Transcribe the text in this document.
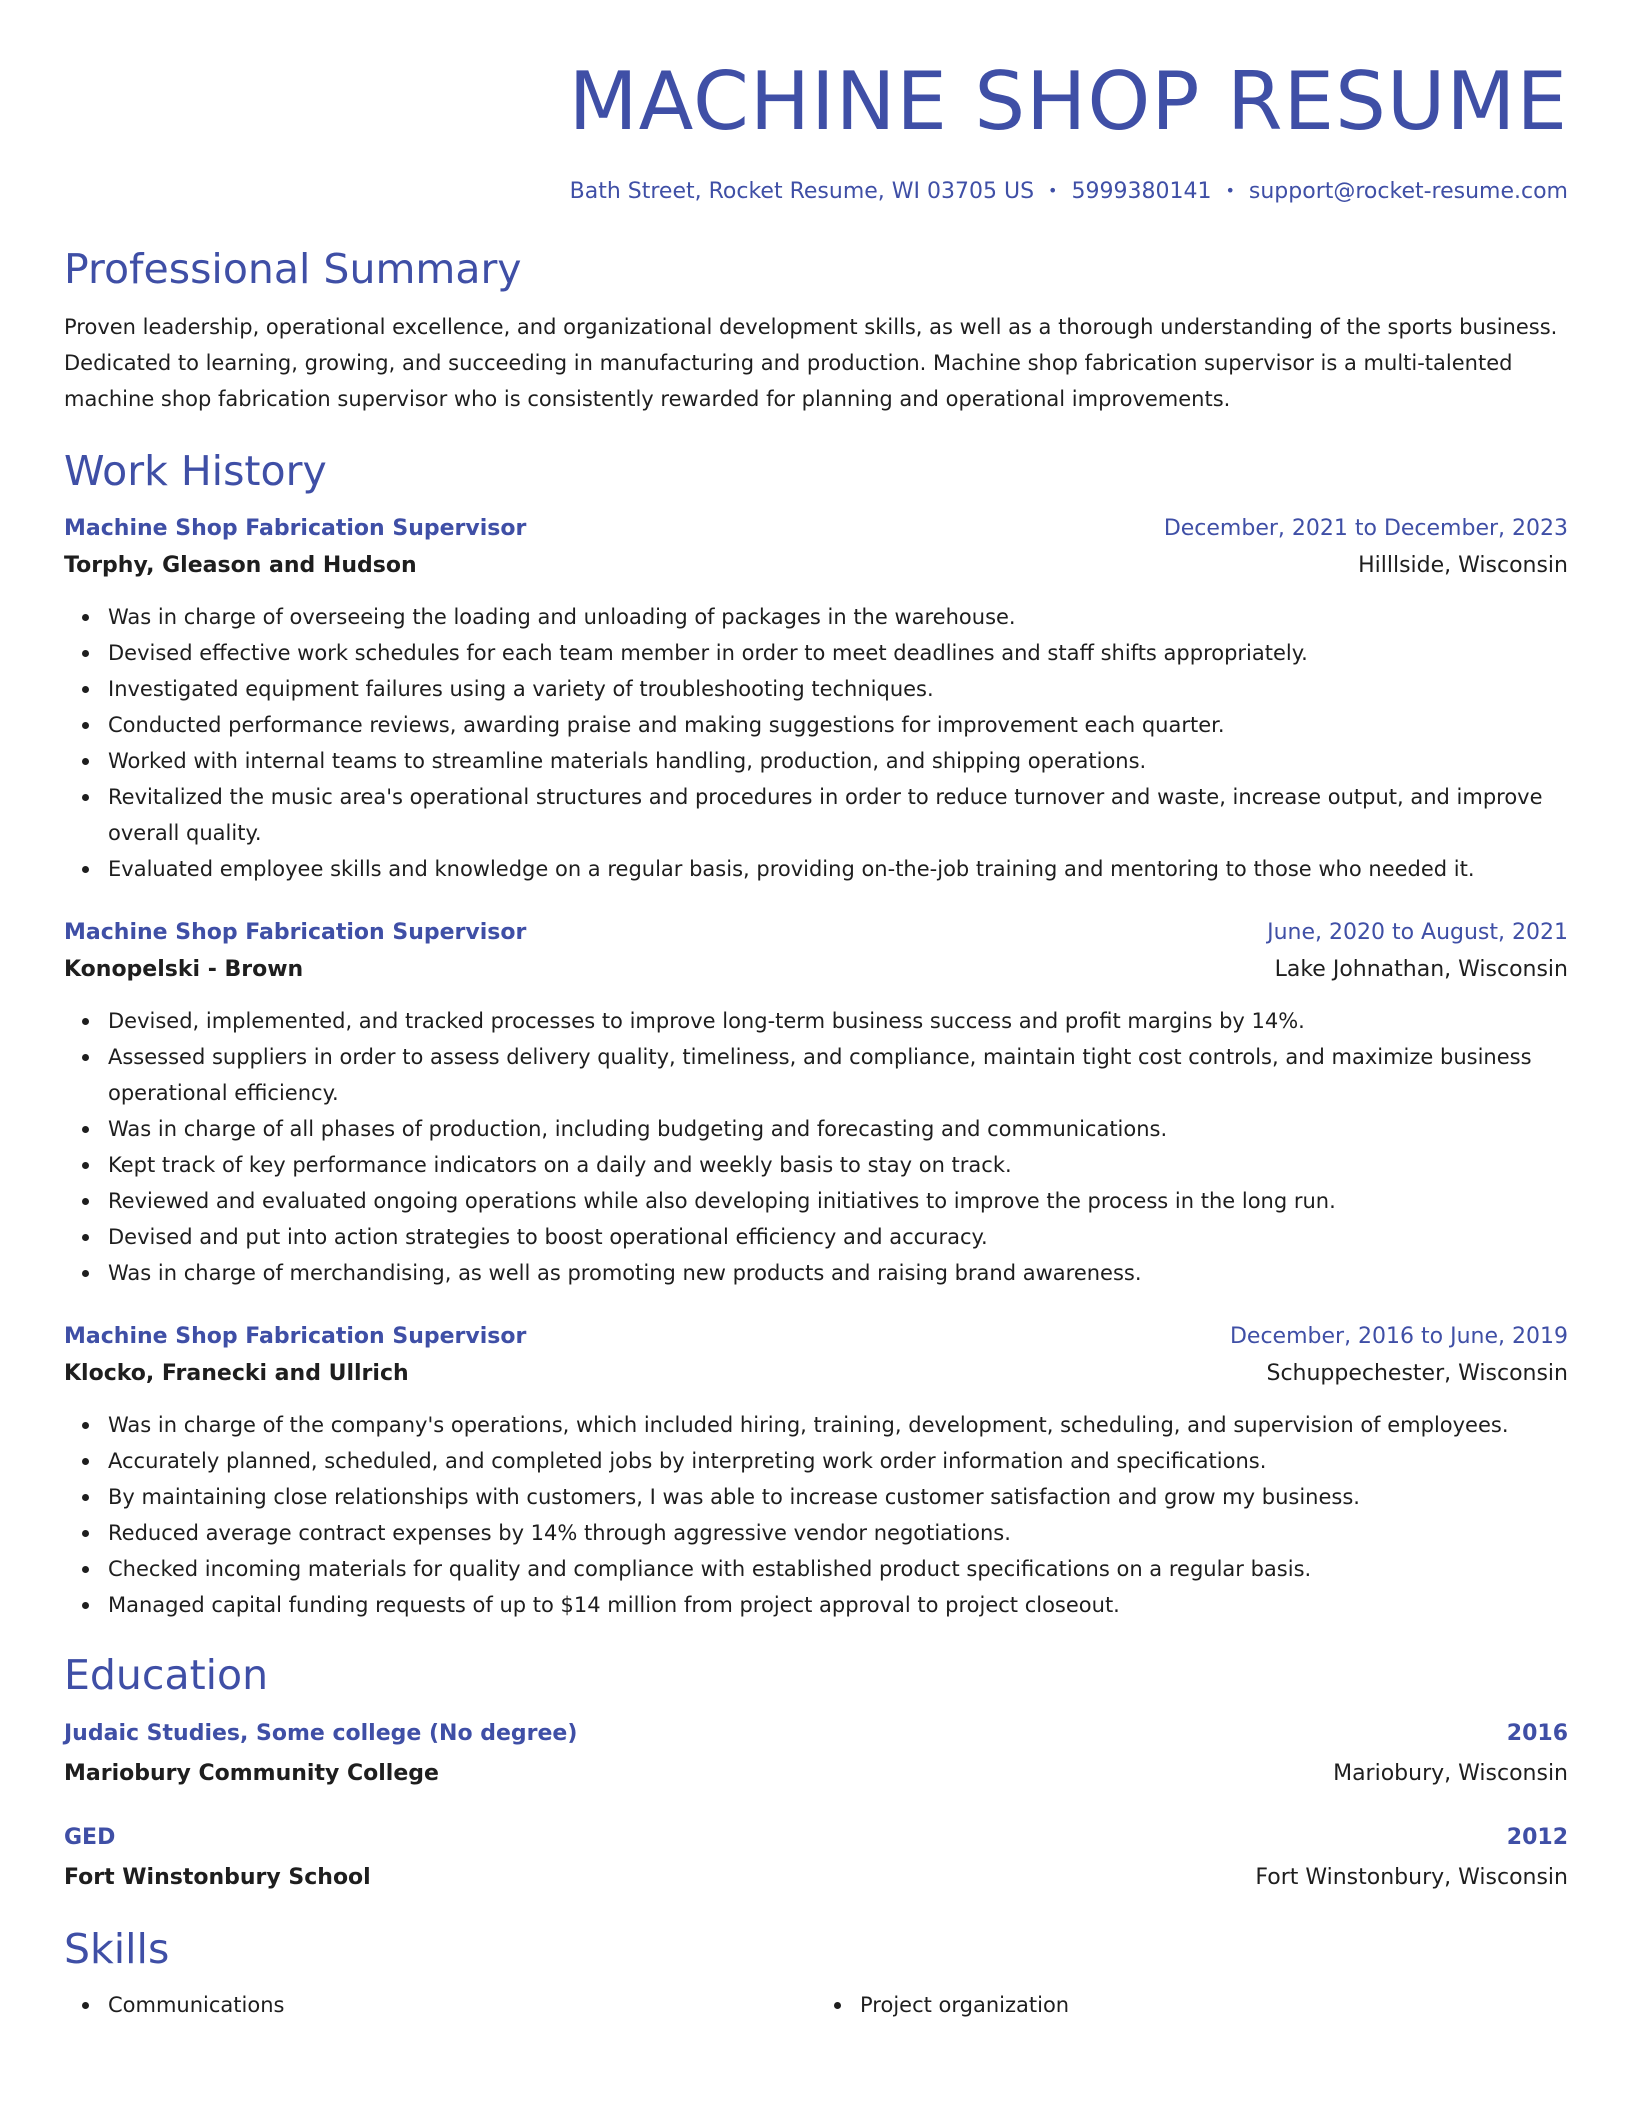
MACHINE SHOP RESUME
Bath Street, Rocket Resume, WI 03705 US • 5999380141 • support@rocket-resume.com
Professional Summary
Proven leadership, operational excellence, and organizational development skills, as well as a thorough understanding of the sports business. Dedicated to learning, growing, and succeeding in manufacturing and production. Machine shop fabrication supervisor is a multi-talented machine shop fabrication supervisor who is consistently rewarded for planning and operational improvements.
Work History
Machine Shop Fabrication Supervisor	December, 2021 to December, 2023
Torphy, Gleason and Hudson	Hilllside, Wisconsin
Was in charge of overseeing the loading and unloading of packages in the warehouse.
Devised effective work schedules for each team member in order to meet deadlines and staff shifts appropriately.
Investigated equipment failures using a variety of troubleshooting techniques.
Conducted performance reviews, awarding praise and making suggestions for improvement each quarter.
Worked with internal teams to streamline materials handling, production, and shipping operations.
Revitalized the music area's operational structures and procedures in order to reduce turnover and waste, increase output, and improve overall quality.
Evaluated employee skills and knowledge on a regular basis, providing on-the-job training and mentoring to those who needed it.
Machine Shop Fabrication Supervisor	June, 2020 to August, 2021
Konopelski - Brown	Lake Johnathan, Wisconsin
Devised, implemented, and tracked processes to improve long-term business success and profit margins by 14%.
Assessed suppliers in order to assess delivery quality, timeliness, and compliance, maintain tight cost controls, and maximize business operational efficiency.
Was in charge of all phases of production, including budgeting and forecasting and communications.
Kept track of key performance indicators on a daily and weekly basis to stay on track.
Reviewed and evaluated ongoing operations while also developing initiatives to improve the process in the long run.
Devised and put into action strategies to boost operational efficiency and accuracy.
Was in charge of merchandising, as well as promoting new products and raising brand awareness.
Machine Shop Fabrication Supervisor	December, 2016 to June, 2019
Klocko, Franecki and Ullrich	Schuppechester, Wisconsin
Was in charge of the company's operations, which included hiring, training, development, scheduling, and supervision of employees.
Accurately planned, scheduled, and completed jobs by interpreting work order information and specifications.
By maintaining close relationships with customers, I was able to increase customer satisfaction and grow my business.
Reduced average contract expenses by 14% through aggressive vendor negotiations.
Checked incoming materials for quality and compliance with established product specifications on a regular basis.
Managed capital funding requests of up to $14 million from project approval to project closeout.
Education
Judaic Studies, Some college (No degree)	2016
Mariobury Community College	Mariobury, Wisconsin
GED	2012
Fort Winstonbury School	Fort Winstonbury, Wisconsin
Skills
Communications	Project organization
